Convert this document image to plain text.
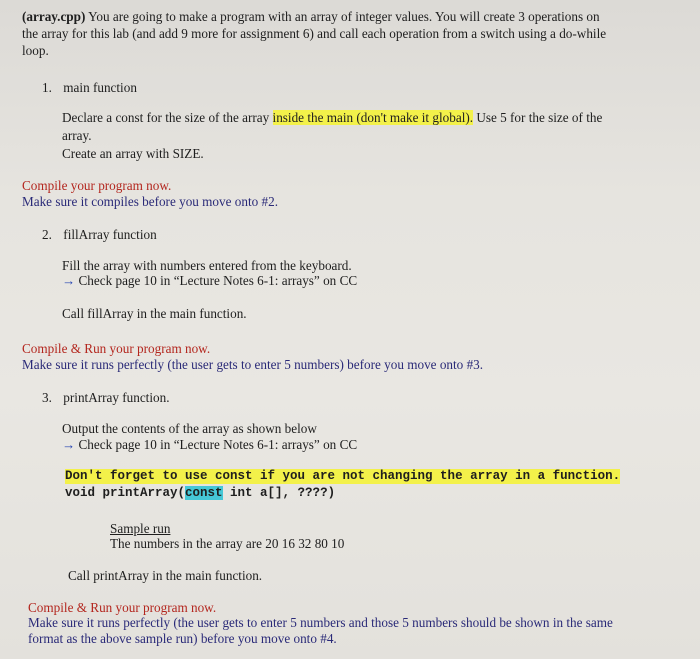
(array.cpp) You are going to make a program with an array of integer values. You will create 3 operations on
the array for this lab (and add 9 more for assignment 6) and call each operation from a switch using a do-while
loop.
1. main function
Declare a const for the size of the array inside the main (don't make it global). Use 5 for the size of the
array.
Create an array with SIZE.
Compile your program now.
Make sure it compiles before you move onto #2.
2. fillArray function
Fill the array with numbers entered from the keyboard.
→ Check page 10 in “Lecture Notes 6-1: arrays” on CC
Call fillArray in the main function.
Compile & Run your program now.
Make sure it runs perfectly (the user gets to enter 5 numbers) before you move onto #3.
3. printArray function.
Output the contents of the array as shown below
→ Check page 10 in “Lecture Notes 6-1: arrays” on CC
Don't forget to use const if you are not changing the array in a function.
void printArray(const int a[], ????)
Sample run
The numbers in the array are 20 16 32 80 10
Call printArray in the main function.
Compile & Run your program now.
Make sure it runs perfectly (the user gets to enter 5 numbers and those 5 numbers should be shown in the same
format as the above sample run) before you move onto #4.
